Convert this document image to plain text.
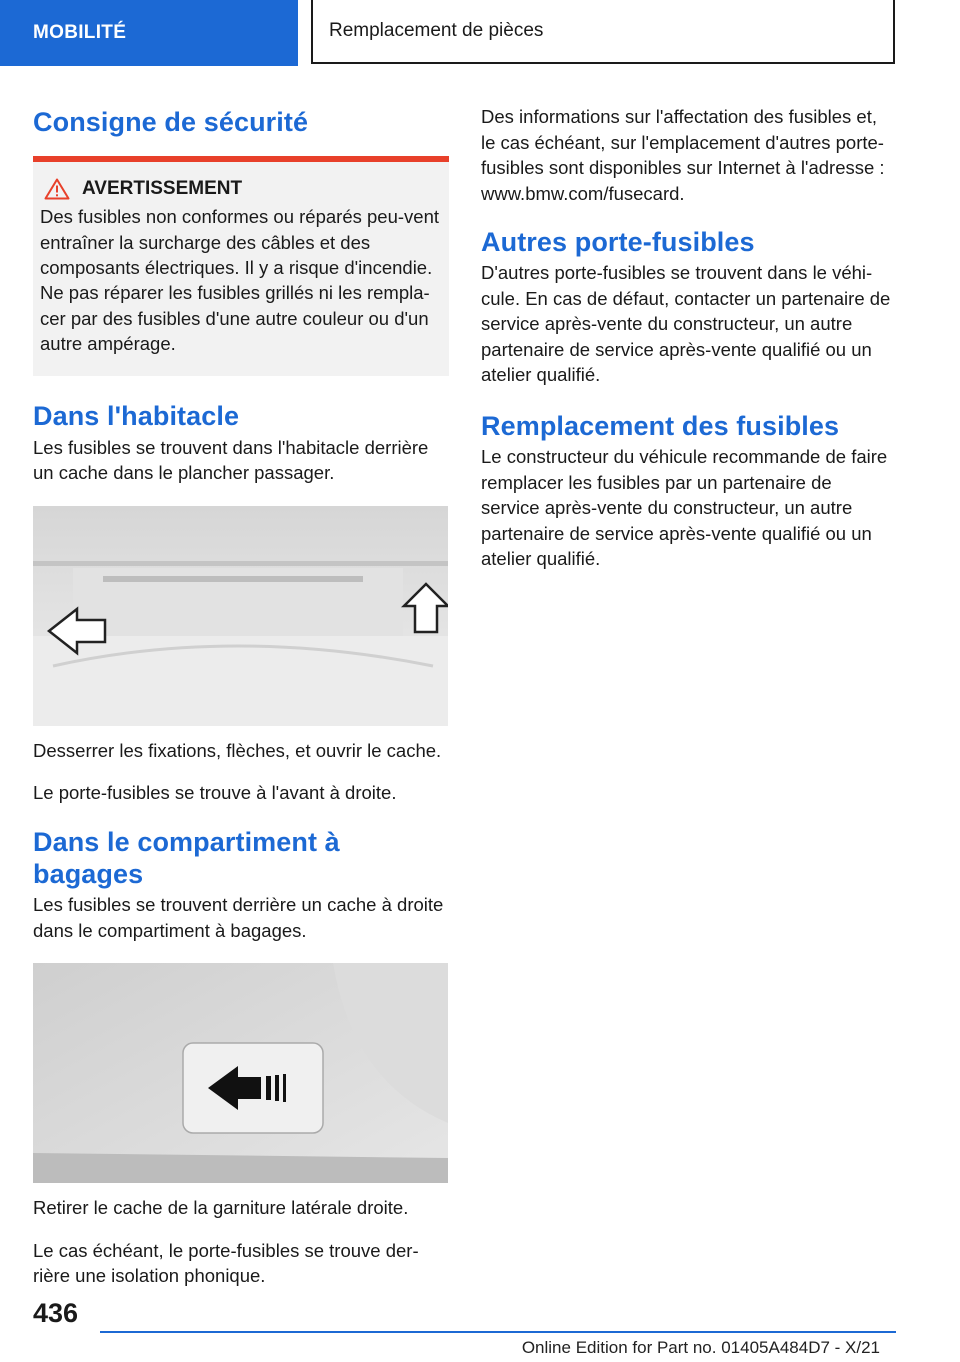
MOBILITÉ	Remplacement de pièces
Consigne de sécurité
AVERTISSEMENT

Des fusibles non conformes ou réparés peu-vent entraîner la surcharge des câbles et des composants électriques. Il y a risque d'incendie. Ne pas réparer les fusibles grillés ni les rempla-cer par des fusibles d'une autre couleur ou d'un autre ampérage.

Dans l'habitacle

Les fusibles se trouvent dans l'habitacle derrière un cache dans le plancher passager.

Desserrer les fixations, flèches, et ouvrir le cache.

Le porte-fusibles se trouve à l'avant à droite.

Dans le compartiment à bagages

Les fusibles se trouvent derrière un cache à droite dans le compartiment à bagages.

Retirer le cache de la garniture latérale droite.

Le cas échéant, le porte-fusibles se trouve der-rière une isolation phonique.

Des informations sur l'affectation des fusibles et, le cas échéant, sur l'emplacement d'autres porte-fusibles sont disponibles sur Internet à l'adresse : www.bmw.com/fusecard.

Autres porte-fusibles

D'autres porte-fusibles se trouvent dans le véhi-cule. En cas de défaut, contacter un partenaire de service après-vente du constructeur, un autre partenaire de service après-vente qualifié ou un atelier qualifié.

Remplacement des fusibles

Le constructeur du véhicule recommande de faire remplacer les fusibles par un partenaire de service après-vente du constructeur, un autre partenaire de service après-vente qualifié ou un atelier qualifié.

436
Online Edition for Part no. 01405A484D7 - X/21
